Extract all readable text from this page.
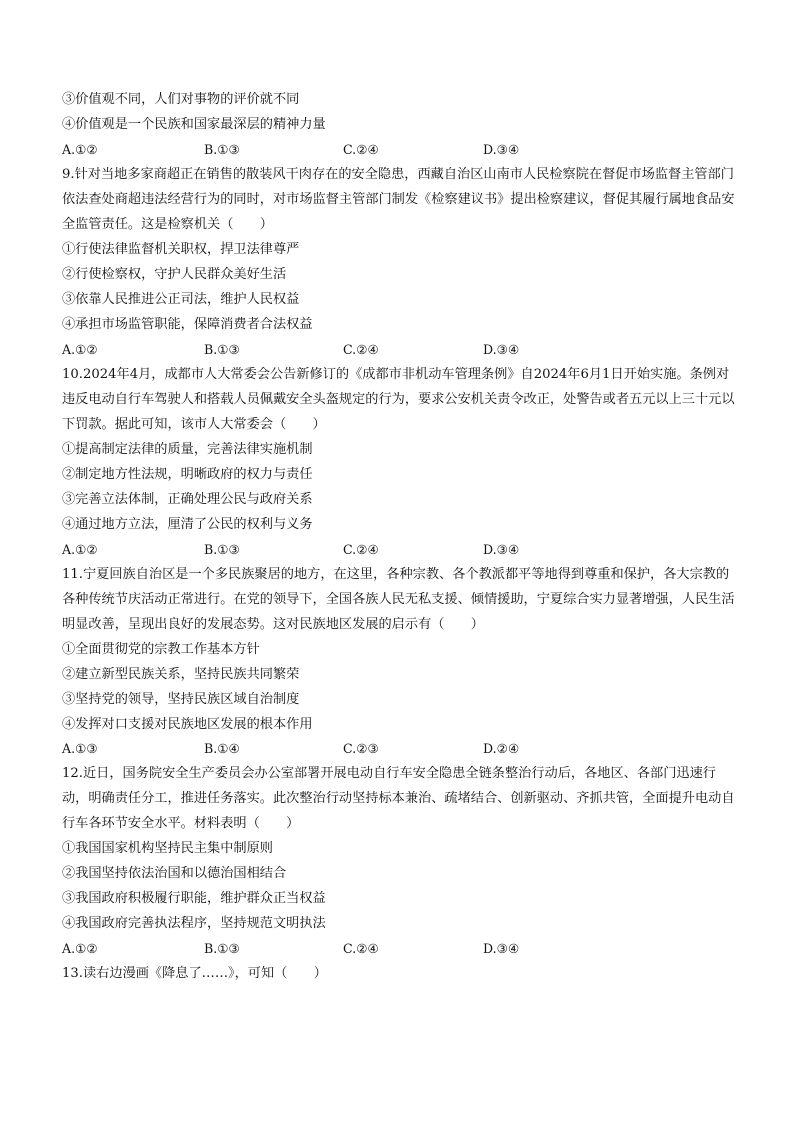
③价值观不同，人们对事物的评价就不同
④价值观是一个民族和国家最深层的精神力量
A.①②	B.①③	C.②④	D.③④
9.针对当地多家商超正在销售的散装风干肉存在的安全隐患，西藏自治区山南市人民检察院在督促市场监督主管部门依法查处商超违法经营行为的同时，对市场监督主管部门制发《检察建议书》提出检察建议，督促其履行属地食品安全监管责任。这是检察机关（　　）
①行使法律监督机关职权，捍卫法律尊严
②行使检察权，守护人民群众美好生活
③依靠人民推进公正司法，维护人民权益
④承担市场监管职能，保障消费者合法权益
A.①②	B.①③	C.②④	D.③④
10.2024年4月，成都市人大常委会公告新修订的《成都市非机动车管理条例》自2024年6月1日开始实施。条例对违反电动自行车驾驶人和搭载人员佩戴安全头盔规定的行为，要求公安机关责令改正，处警告或者五元以上三十元以下罚款。据此可知，该市人大常委会（　　）
①提高制定法律的质量，完善法律实施机制
②制定地方性法规，明晰政府的权力与责任
③完善立法体制，正确处理公民与政府关系
④通过地方立法，厘清了公民的权利与义务
A.①②	B.①③	C.②④	D.③④
11.宁夏回族自治区是一个多民族聚居的地方，在这里，各种宗教、各个教派都平等地得到尊重和保护，各大宗教的各种传统节庆活动正常进行。在党的领导下，全国各族人民无私支援、倾情援助，宁夏综合实力显著增强，人民生活明显改善，呈现出良好的发展态势。这对民族地区发展的启示有（　　）
①全面贯彻党的宗教工作基本方针
②建立新型民族关系，坚持民族共同繁荣
③坚持党的领导，坚持民族区域自治制度
④发挥对口支援对民族地区发展的根本作用
A.①③	B.①④	C.②③	D.②④
12.近日，国务院安全生产委员会办公室部署开展电动自行车安全隐患全链条整治行动后，各地区、各部门迅速行动，明确责任分工，推进任务落实。此次整治行动坚持标本兼治、疏堵结合、创新驱动、齐抓共管，全面提升电动自行车各环节安全水平。材料表明（　　）
①我国国家机构坚持民主集中制原则
②我国坚持依法治国和以德治国相结合
③我国政府积极履行职能，维护群众正当权益
④我国政府完善执法程序，坚持规范文明执法
A.①②	B.①③	C.②④	D.③④
13.读右边漫画《降息了……》，可知（　　）
